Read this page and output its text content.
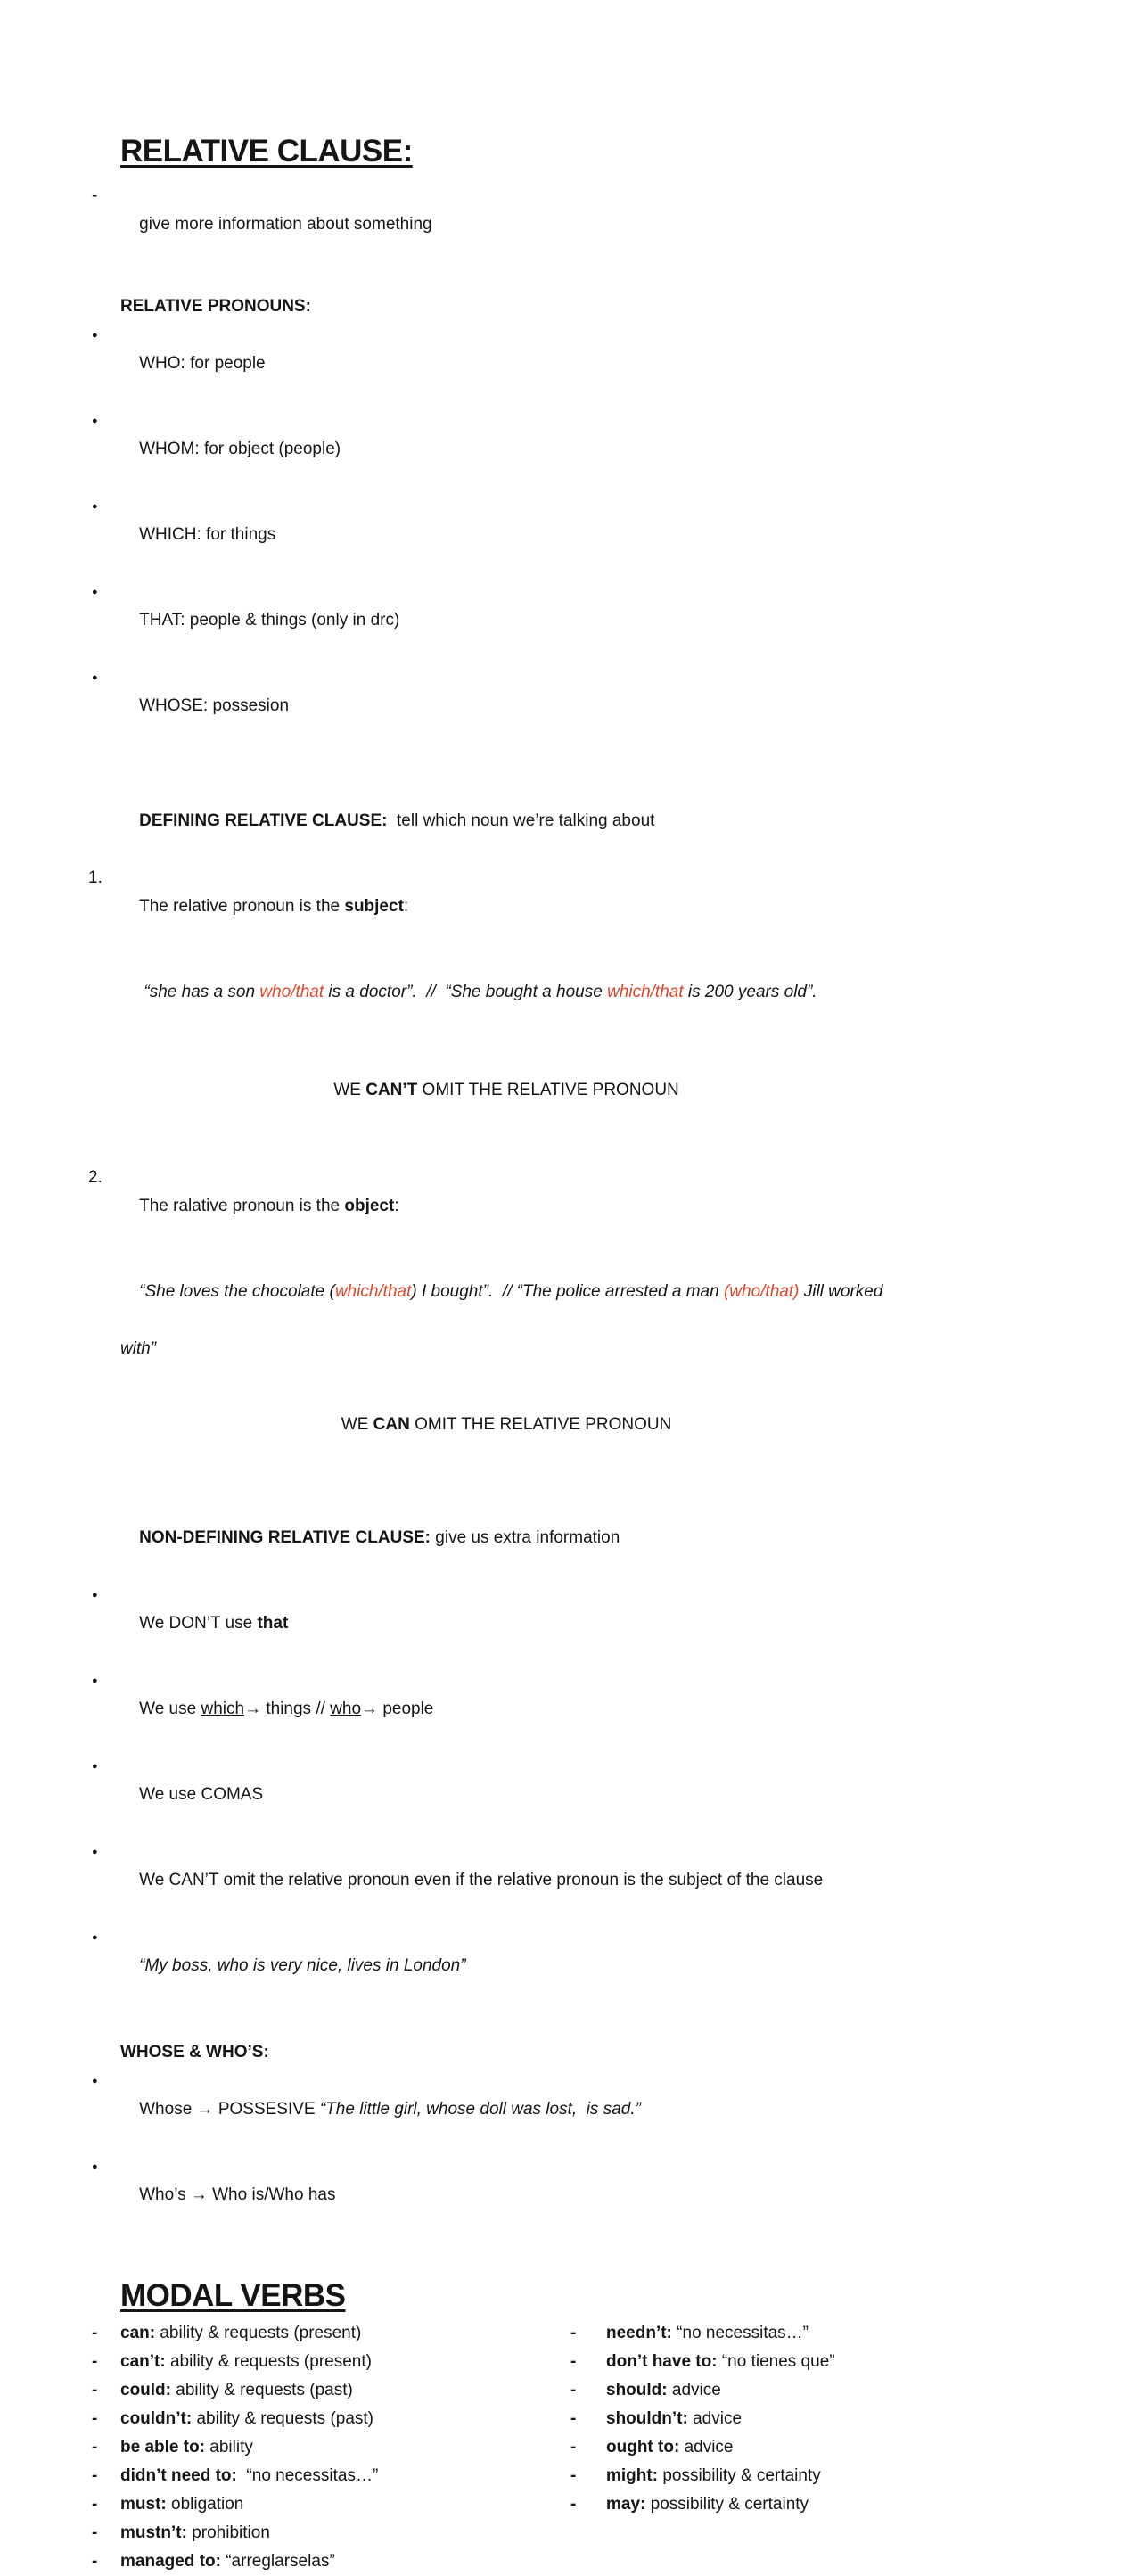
RELATIVE CLAUSE:

-
give more information about something

RELATIVE PRONOUNS:

●
WHO: for people

●
WHOM: for object (people)

●
WHICH: for things

●
THAT: people & things (only in drc)

●
WHOSE: possesion

DEFINING RELATIVE CLAUSE:  tell which noun we’re talking about

1.
The relative pronoun is the subject:

“she has a son who/that is a doctor”.  //  “She bought a house which/that is 200 years old”.

WE CAN’T OMIT THE RELATIVE PRONOUN

2.
The ralative pronoun is the object:

“She loves the chocolate (which/that) I bought”.  // “The police arrested a man (who/that) Jill worked

with”

WE CAN OMIT THE RELATIVE PRONOUN

NON-DEFINING RELATIVE CLAUSE: give us extra information

●
We DON’T use that

●
We use which→ things // who→ people

●
We use COMAS

●
We CAN’T omit the relative pronoun even if the relative pronoun is the subject of the clause

●
“My boss, who is very nice, lives in London”

WHOSE & WHO’S:

●
Whose → POSSESIVE “The little girl, whose doll was lost,  is sad.”

●
Who’s → Who is/Who has

MODAL VERBS
- can: ability & requests (present)
- can’t: ability & requests (present)
- could: ability & requests (past)
- couldn’t: ability & requests (past)
- be able to: ability
- didn’t need to:  “no necessitas…”
- must: obligation
- mustn’t: prohibition
- managed to: “arreglarselas”
- needn’t: “no necessitas…”
- don’t have to: “no tienes que”
- should: advice
- shouldn’t: advice
- ought to: advice
- might: possibility & certainty
- may: possibility & certainty
